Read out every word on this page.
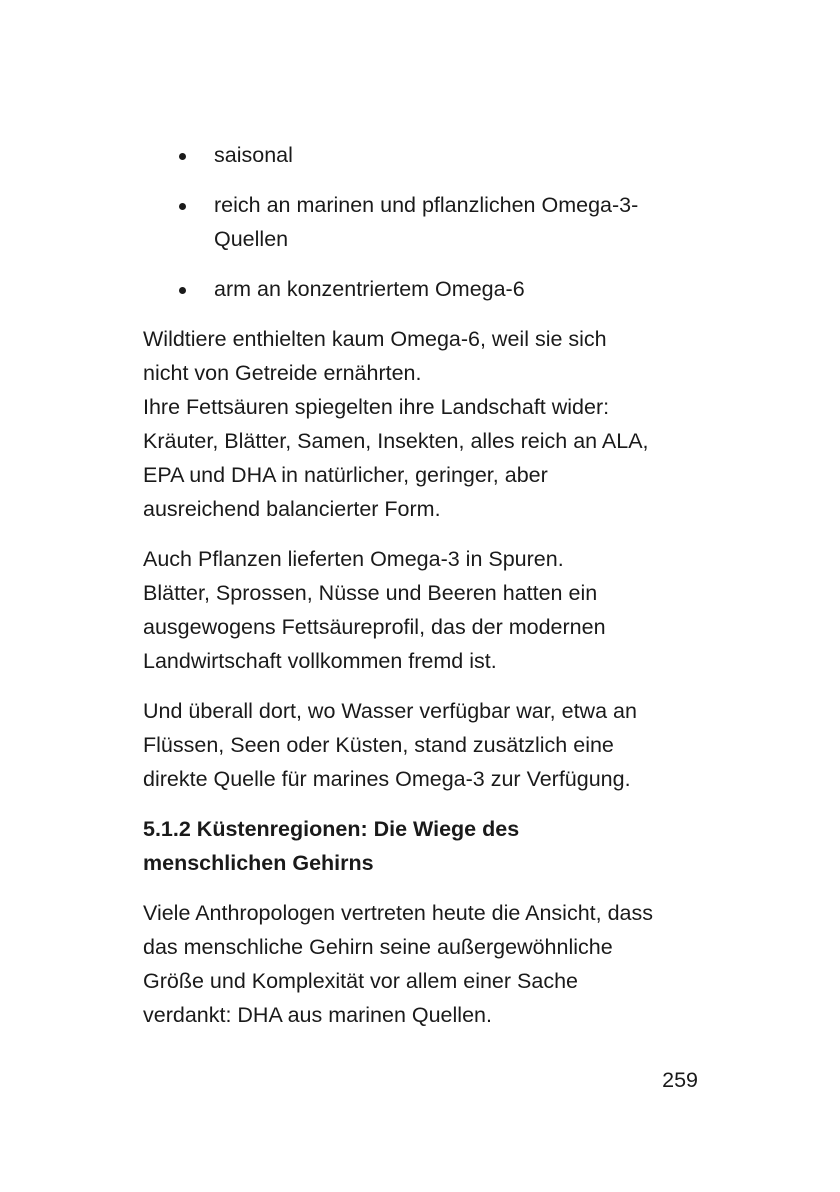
saisonal
reich an marinen und pflanzlichen Omega-3-Quellen
arm an konzentriertem Omega-6

Wildtiere enthielten kaum Omega-6, weil sie sich
nicht von Getreide ernährten.
Ihre Fettsäuren spiegelten ihre Landschaft wider:
Kräuter, Blätter, Samen, Insekten, alles reich an ALA,
EPA und DHA in natürlicher, geringer, aber
ausreichend balancierter Form.

Auch Pflanzen lieferten Omega-3 in Spuren.
Blätter, Sprossen, Nüsse und Beeren hatten ein
ausgewogens Fettsäureprofil, das der modernen
Landwirtschaft vollkommen fremd ist.

Und überall dort, wo Wasser verfügbar war, etwa an
Flüssen, Seen oder Küsten, stand zusätzlich eine
direkte Quelle für marines Omega-3 zur Verfügung.

5.1.2 Küstenregionen: Die Wiege des
menschlichen Gehirns

Viele Anthropologen vertreten heute die Ansicht, dass
das menschliche Gehirn seine außergewöhnliche
Größe und Komplexität vor allem einer Sache
verdankt: DHA aus marinen Quellen.

259
